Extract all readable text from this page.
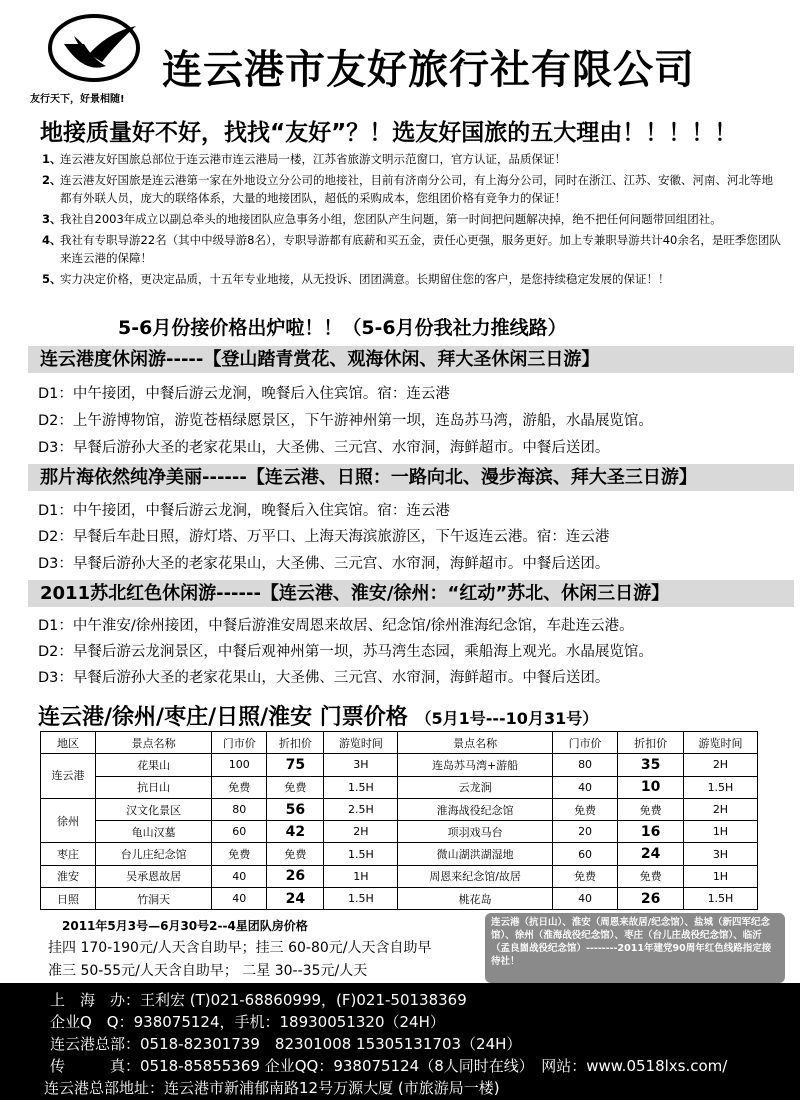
友行天下，好景相随!
连云港市友好旅行社有限公司
地接质量好不好，找找“友好”？！选友好国旅的五大理由！！！！！
1、
连云港友好国旅总部位于连云港市连云港局一楼，江苏省旅游文明示范窗口，官方认证，品质保证！
2、
连云港友好国旅是连云港第一家在外地设立分公司的地接社，目前有济南分公司，有上海分公司，同时在浙江、江苏、安徽、河南、河北等地都有外联人员，庞大的联络体系，大量的地接团队，超低的采购成本，您组团价格有竞争力的保证！
3、
我社自2003年成立以副总牵头的地接团队应急事务小组，您团队产生问题，第一时间把问题解决掉，绝不把任何问题带回组团社。
4、
我社有专职导游22名（其中中级导游8名），专职导游都有底薪和买五金，责任心更强，服务更好。加上专兼职导游共计40余名，是旺季您团队来连云港的保障！
5、
实力决定价格，更决定品质，十五年专业地接，从无投诉、团团满意。长期留住您的客户，是您持续稳定发展的保证！！
5-6月份接价格出炉啦！！（5-6月份我社力推线路）
连云港度休闲游-----【登山踏青赏花、观海休闲、拜大圣休闲三日游】
D1：中午接团，中餐后游云龙涧，晚餐后入住宾馆。宿：连云港
D2：上午游博物馆，游览苍梧绿愿景区，下午游神州第一坝，连岛苏马湾，游船，水晶展览馆。
D3：早餐后游孙大圣的老家花果山，大圣佛、三元宫、水帘洞，海鲜超市。中餐后送团。
那片海依然纯净美丽------【连云港、日照：一路向北、漫步海滨、拜大圣三日游】
D1：中午接团，中餐后游云龙涧，晚餐后入住宾馆。宿：连云港
D2：早餐后车赴日照，游灯塔、万平口、上海天海滨旅游区，下午返连云港。宿：连云港
D3：早餐后游孙大圣的老家花果山，大圣佛、三元宫、水帘洞，海鲜超市。中餐后送团。
2011苏北红色休闲游------【连云港、淮安/徐州：“红动”苏北、休闲三日游】
D1：中午淮安/徐州接团，中餐后游淮安周恩来故居、纪念馆/徐州淮海纪念馆，车赴连云港。
D2：早餐后游云龙涧景区，中餐后观神州第一坝，苏马湾生态园，乘船海上观光。水晶展览馆。
D3：早餐后游孙大圣的老家花果山，大圣佛、三元宫、水帘洞，海鲜超市。中餐后送团。
连云港/徐州/枣庄/日照/淮安 门票价格 （5月1号---10月31号）
地区	景点名称	门市价	折扣价	游览时间	景点名称	门市价	折扣价	游览时间
连云港	花果山	100	75	3H	连岛苏马湾+游船	80	35	2H
	抗日山	免费	免费	1.5H	云龙涧	40	10	1.5H
徐州	汉文化景区	80	56	2.5H	淮海战役纪念馆	免费	免费	2H
	龟山汉墓	60	42	2H	项羽戏马台	20	16	1H
枣庄	台儿庄纪念馆	免费	免费	1.5H	微山湖洪湖湿地	60	24	3H
淮安	吴承恩故居	40	26	1H	周恩来纪念馆/故居	免费	免费	1H
日照	竹洞天	40	24	1.5H	桃花岛	40	26	1.5H
2011年5月3号—6月30号2--4星团队房价格
挂四 170-190元/人天含自助早；挂三 60-80元/人天含自助早
准三 50-55元/人天含自助早； 二星 30--35元/人天
连云港（抗日山）、淮安（周恩来故居/纪念馆）、盐城（新四军纪念馆）、徐州（淮海战役纪念馆）、枣庄（台儿庄战役纪念馆）、临沂（孟良崮战役纪念馆）--------2011年建党90周年红色线路指定接待社！
上　海　办：王利宏 (T)021-68860999，(F)021-50138369
企业Q　Q：938075124，手机：18930051320（24H）
连云港总部：0518-82301739　82301008 15305131703（24H）
传　　　真：0518-85855369 企业QQ：938075124（8人同时在线）　网站：www.0518lxs.com/
连云港总部地址：连云港市新浦郁南路12号万源大厦 (市旅游局一楼)
